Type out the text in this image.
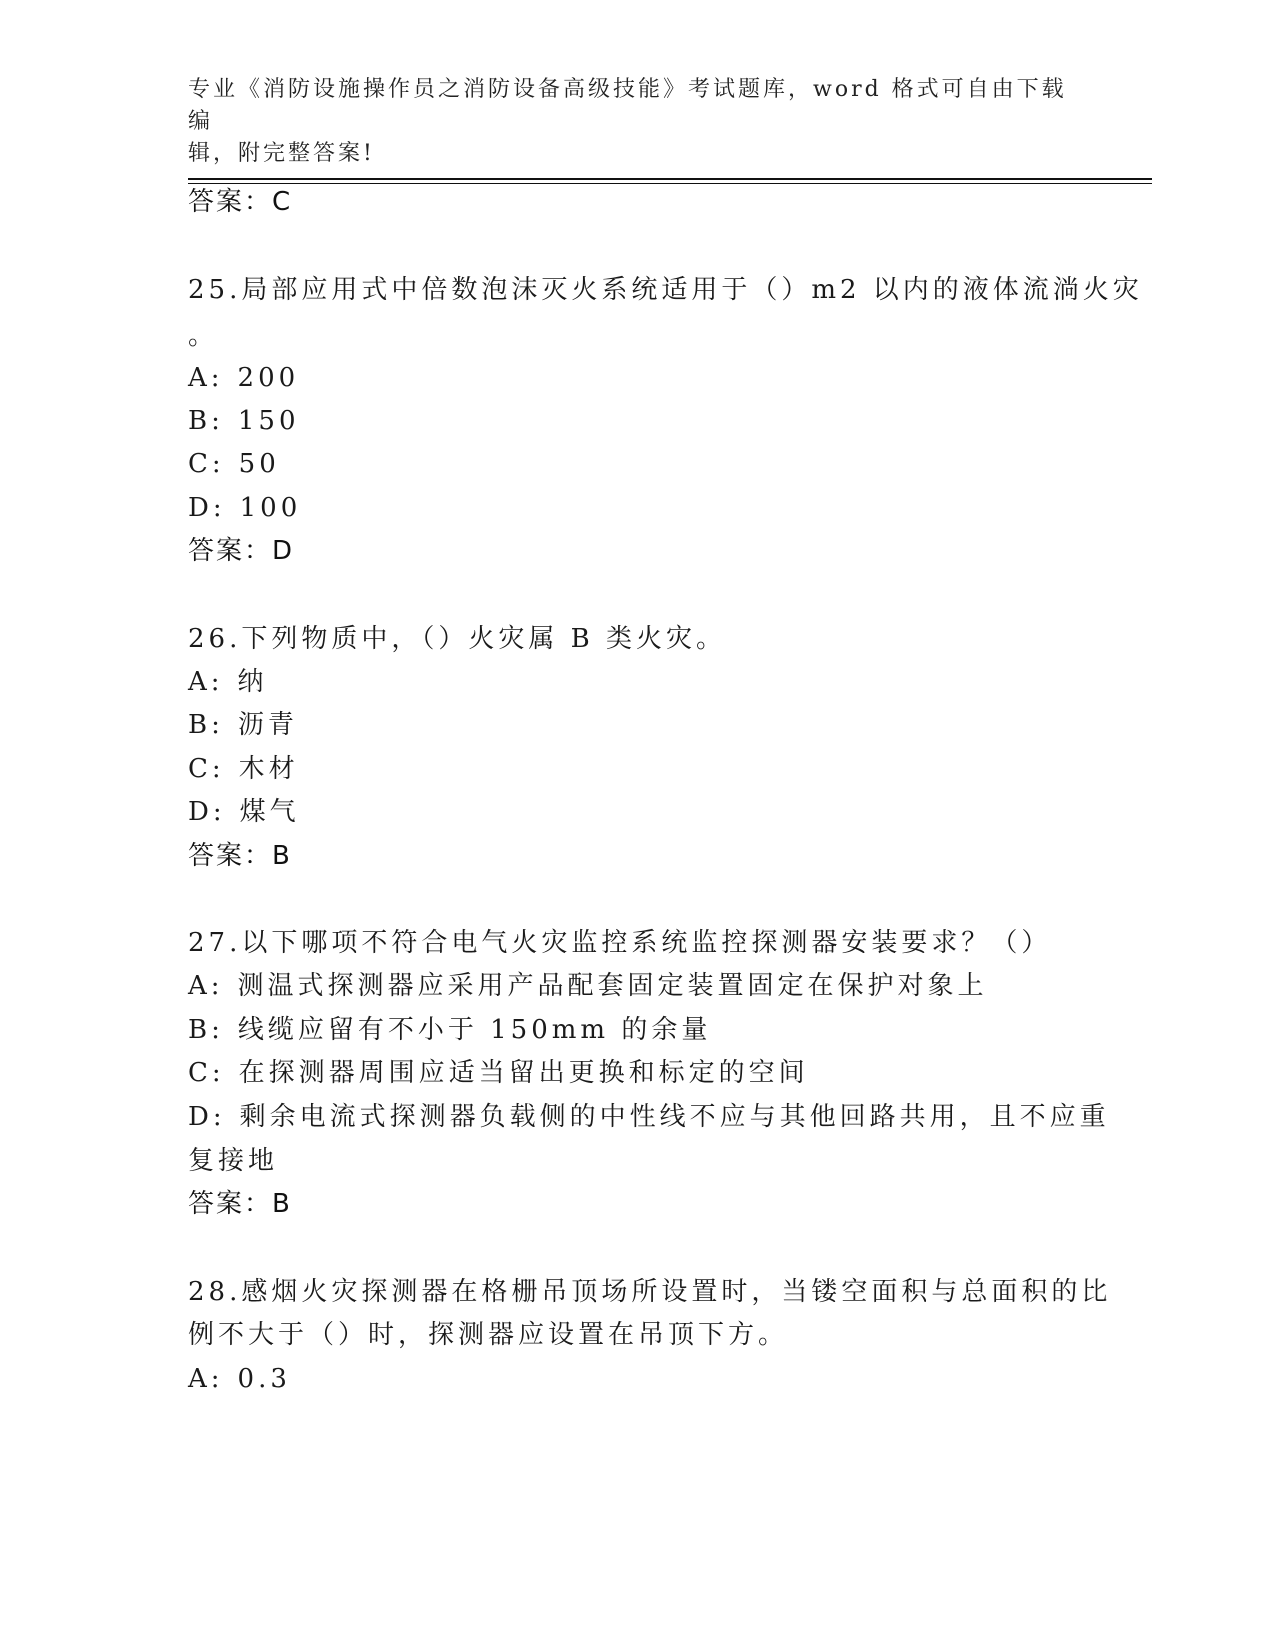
专业《消防设施操作员之消防设备高级技能》考试题库，word 格式可自由下载编
辑，附完整答案!
答案：C
25.局部应用式中倍数泡沫灭火系统适用于（）m2 以内的液体流淌火灾
。
A: 200
B: 150
C: 50
D: 100
答案：D
26.下列物质中，（）火灾属 B 类火灾。
A: 纳
B: 沥青
C: 木材
D: 煤气
答案：B
27.以下哪项不符合电气火灾监控系统监控探测器安装要求？（）
A: 测温式探测器应采用产品配套固定装置固定在保护对象上
B: 线缆应留有不小于 150mm 的余量
C: 在探测器周围应适当留出更换和标定的空间
D: 剩余电流式探测器负载侧的中性线不应与其他回路共用，且不应重
复接地
答案：B
28.感烟火灾探测器在格栅吊顶场所设置时，当镂空面积与总面积的比
例不大于（）时，探测器应设置在吊顶下方。
A: 0.3
